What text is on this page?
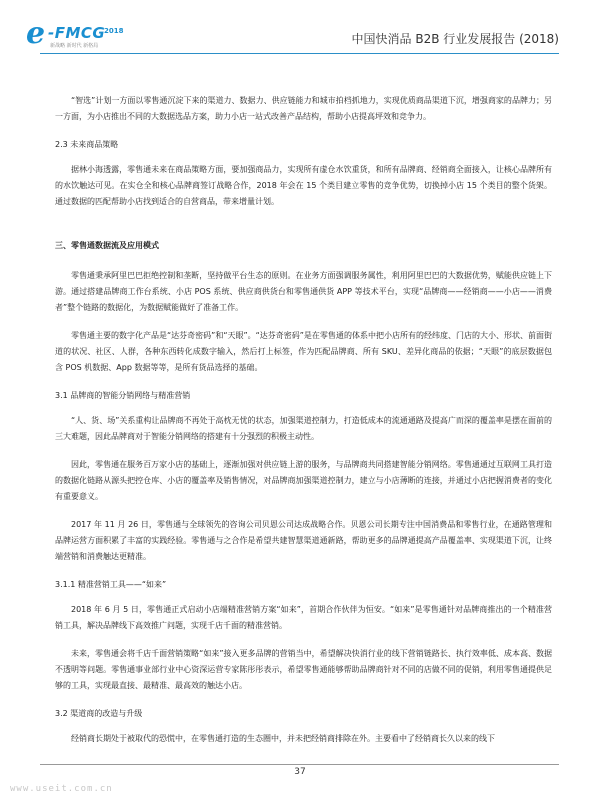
e -FMCG
2018
新战略 新时代 新格局	中国快消品 B2B 行业发展报告 (2018)

“智选”计划一方面以零售通沉淀下来的渠道力、数据力、供应链能力和城市拍档抓地力，实现优质商品渠道下沉，增强商家的品牌力；另一方面，为小店推出不同的大数据选品方案，助力小店一站式改善产品结构，帮助小店提高坪效和竞争力。

2.3 未来商品策略

据林小海透露，零售通未来在商品策略方面，要加强商品力，实现所有虚仓水饮重货，和所有品牌商、经销商全面接入，让核心品牌所有的水饮触达可见。在实仓全和核心品牌商签订战略合作，2018 年会在 15 个类目建立零售的竞争优势，切换掉小店 15 个类目的整个货架。通过数据的匹配帮助小店找到适合的自营商品，带来增量计划。

三、零售通数据流及应用模式

零售通秉承阿里巴巴拒绝控制和垄断，坚持做平台生态的原则。在业务方面强调服务属性，利用阿里巴巴的大数据优势，赋能供应链上下游。通过搭建品牌商工作台系统、小店 POS 系统、供应商供货台和零售通供货 APP 等技术平台，实现“品牌商——经销商——小店——消费者”整个链路的数据化，为数据赋能做好了准备工作。

零售通主要的数字化产品是“达芬奇密码”和“天眼”。“达芬奇密码”是在零售通的体系中把小店所有的经纬度、门店的大小、形状、前面街道的状况、社区、人群，各种东西转化成数字输入，然后打上标签，作为匹配品牌商、所有 SKU、差异化商品的依据；“天眼”的底层数据包含 POS 机数据、App 数据等等，是所有货品选择的基础。

3.1 品牌商的智能分销网络与精准营销

“人、货、场”关系重构让品牌商不再处于高枕无忧的状态，加强渠道控制力，打造低成本的流通通路及提高广而深的覆盖率是摆在面前的三大难题，因此品牌商对于智能分销网络的搭建有十分强烈的积极主动性。

因此，零售通在服务百万家小店的基础上，逐渐加强对供应链上游的服务，与品牌商共同搭建智能分销网络。零售通通过互联网工具打造的数据化链路从源头把控仓库、小店的覆盖率及销售情况，对品牌商加强渠道控制力，建立与小店薄断的连接，并通过小店把握消费者的变化有重要意义。

2017 年 11 月 26 日，零售通与全球领先的咨询公司贝恩公司达成战略合作。贝恩公司长期专注中国消费品和零售行业，在通路管理和品牌运营方面积累了丰富的实践经验。零售通与之合作是希望共建智慧渠道通新路，帮助更多的品牌通提高产品覆盖率、实现渠道下沉，让终端营销和消费触达更精准。

3.1.1 精准营销工具——“如来”

2018 年 6 月 5 日，零售通正式启动小店端精准营销方案“如来”，首期合作伙伴为恒安。“如来”是零售通针对品牌商推出的一个精准营销工具，解决品牌线下高效推广问题，实现千店千面的精准营销。

未来，零售通会将千店千面营销策略“如来”接入更多品牌的营销当中，希望解决快消行业的线下营销链路长、执行效率低、成本高、数据不透明等问题。零售通事业部行业中心资深运营专家陈彤彤表示，希望零售通能够帮助品牌商针对不同的店做不同的促销，利用零售通提供足够的工具，实现最直接、最精准、最高效的触达小店。

3.2 渠道商的改造与升级

经销商长期处于被取代的恐慌中，在零售通打造的生态圈中，并未把经销商排除在外。主要看中了经销商长久以来的线下

37
www.useit.com.cn
